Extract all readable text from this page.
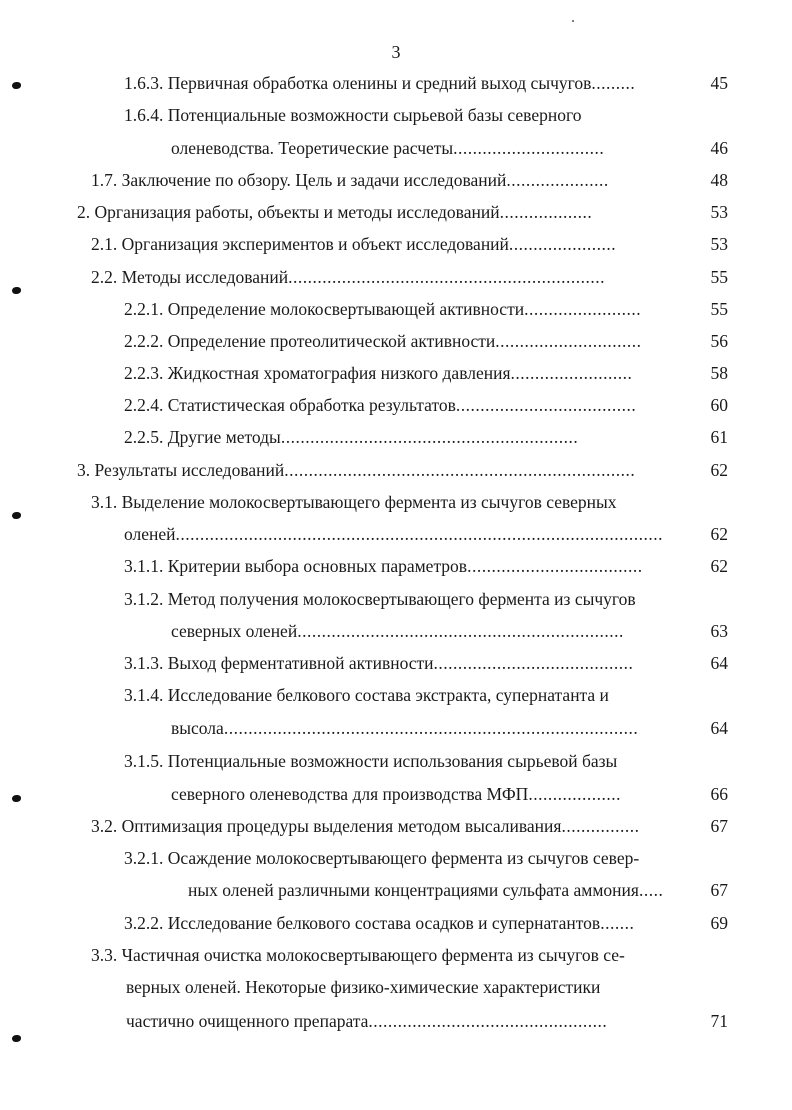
3
1.6.3. Первичная обработка оленины и средний выход сычугов.........	45
1.6.4. Потенциальные возможности сырьевой базы северного
оленеводства. Теоретические расчеты...............................	46
1.7. Заключение по обзору. Цель и задачи исследований.....................	48
2. Организация работы, объекты и методы исследований...................	53
2.1. Организация экспериментов и объект исследований......................	53
2.2. Методы исследований.................................................................	55
2.2.1. Определение молокосвертывающей активности........................	55
2.2.2. Определение протеолитической активности..............................	56
2.2.3. Жидкостная хроматография низкого давления.........................	58
2.2.4. Статистическая обработка результатов.....................................	60
2.2.5. Другие методы.............................................................	61
3. Результаты исследований........................................................................	62
3.1. Выделение молокосвертывающего фермента из сычугов северных
оленей....................................................................................................	62
3.1.1. Критерии выбора основных параметров....................................	62
3.1.2. Метод получения молокосвертывающего фермента из сычугов
северных оленей...................................................................	63
3.1.3. Выход ферментативной активности.........................................	64
3.1.4. Исследование белкового состава экстракта, супернатанта и
высола.....................................................................................	64
3.1.5. Потенциальные возможности использования сырьевой базы
северного оленеводства для производства МФП...................	66
3.2. Оптимизация процедуры выделения методом высаливания................	67
3.2.1. Осаждение молокосвертывающего фермента из сычугов север-
ных оленей различными концентрациями сульфата аммония.....	67
3.2.2. Исследование белкового состава осадков и супернатантов.......	69
3.3. Частичная очистка молокосвертывающего фермента из сычугов се-
верных оленей. Некоторые физико-химические характеристики
частично очищенного препарата.................................................	71
